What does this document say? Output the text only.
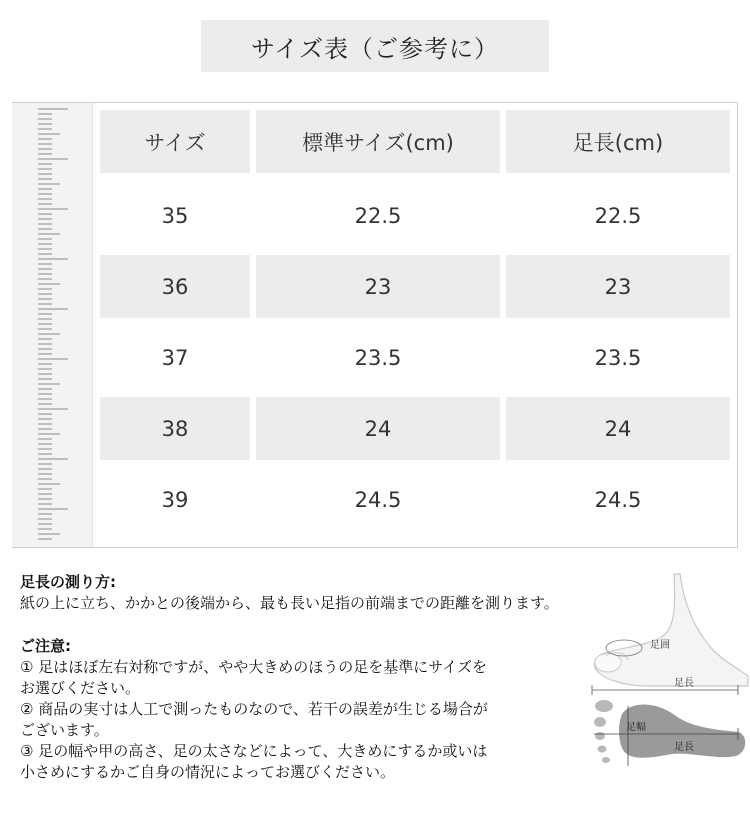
サイズ表（ご参考に）
サイズ	標準サイズ(cm)	足長(cm)
35	22.5	22.5
36	23	23
37	23.5	23.5
38	24	24
39	24.5	24.5

足長の測り方:

紙の上に立ち、かかとの後端から、最も長い足指の前端までの距離を測ります。

ご注意:

① 足はほぼ左右対称ですが、やや大きめのほうの足を基準にサイズを

お選びください。

② 商品の実寸は人工で測ったものなので、若干の誤差が生じる場合が

ございます。

③ 足の幅や甲の高さ、足の太さなどによって、大きめにするか或いは

小さめにするかご自身の情況によってお選びください。

足囲
足長
足幅
足長
